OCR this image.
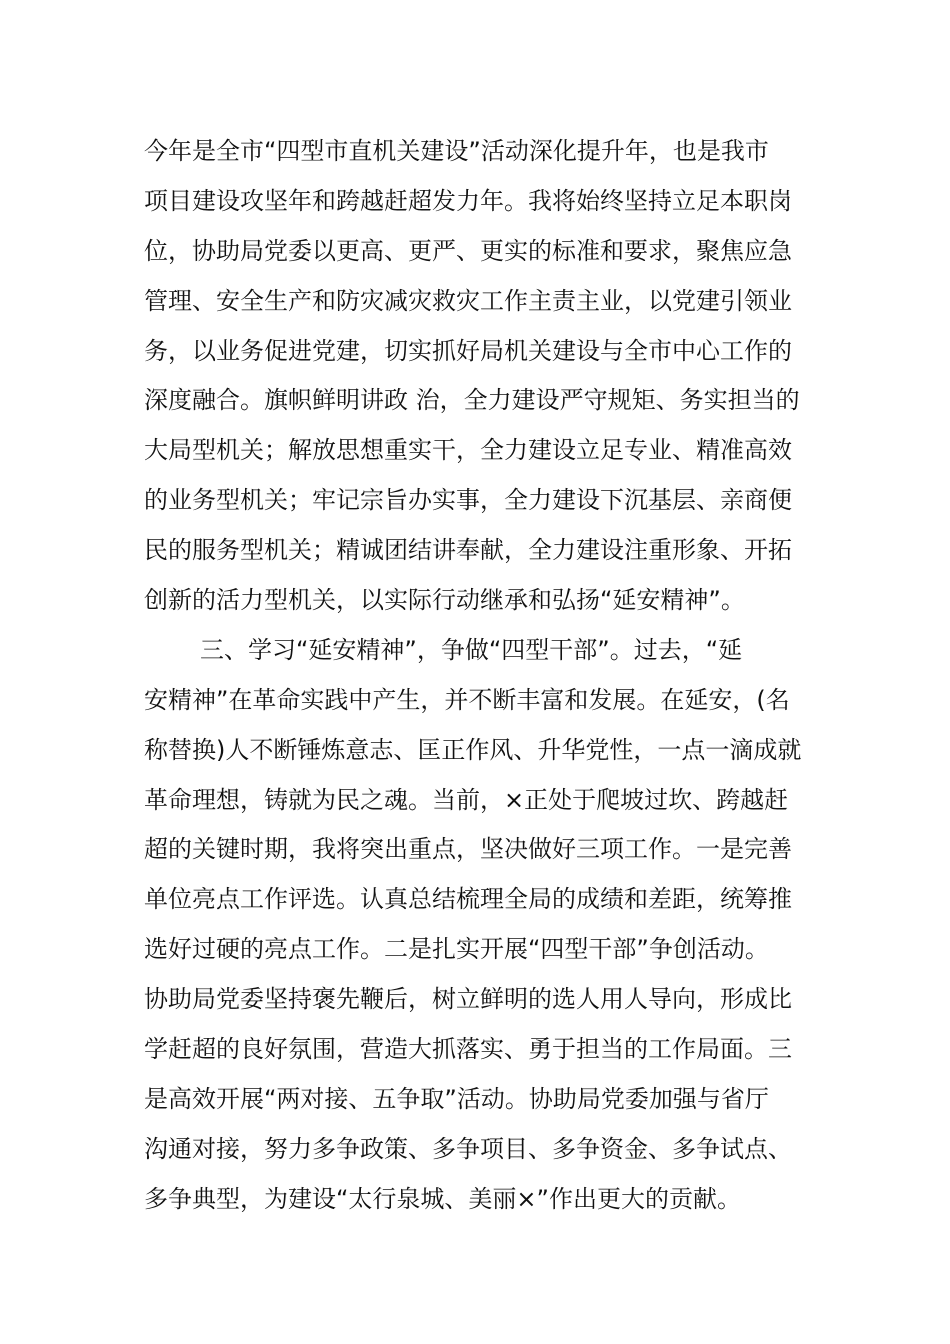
今年是全市“四型市直机关建设”活动深化提升年，也是我市
项目建设攻坚年和跨越赶超发力年。我将始终坚持立足本职岗
位，协助局党委以更高、更严、更实的标准和要求，聚焦应急
管理、安全生产和防灾减灾救灾工作主责主业，以党建引领业
务，以业务促进党建，切实抓好局机关建设与全市中心工作的
深度融合。旗帜鲜明讲政 治，全力建设严守规矩、务实担当的
大局型机关；解放思想重实干，全力建设立足专业、精准高效
的业务型机关；牢记宗旨办实事，全力建设下沉基层、亲商便
民的服务型机关；精诚团结讲奉献，全力建设注重形象、开拓
创新的活力型机关，以实际行动继承和弘扬“延安精神”。
三、学习“延安精神”，争做“四型干部”。过去，“延
安精神”在革命实践中产生，并不断丰富和发展。在延安，(名
称替换)人不断锤炼意志、匡正作风、升华党性，一点一滴成就
革命理想，铸就为民之魂。当前，×正处于爬坡过坎、跨越赶
超的关键时期，我将突出重点，坚决做好三项工作。一是完善
单位亮点工作评选。认真总结梳理全局的成绩和差距，统筹推
选好过硬的亮点工作。二是扎实开展“四型干部”争创活动。
协助局党委坚持褒先鞭后，树立鲜明的选人用人导向，形成比
学赶超的良好氛围，营造大抓落实、勇于担当的工作局面。三
是高效开展“两对接、五争取”活动。协助局党委加强与省厅
沟通对接，努力多争政策、多争项目、多争资金、多争试点、
多争典型，为建设“太行泉城、美丽×”作出更大的贡献。
